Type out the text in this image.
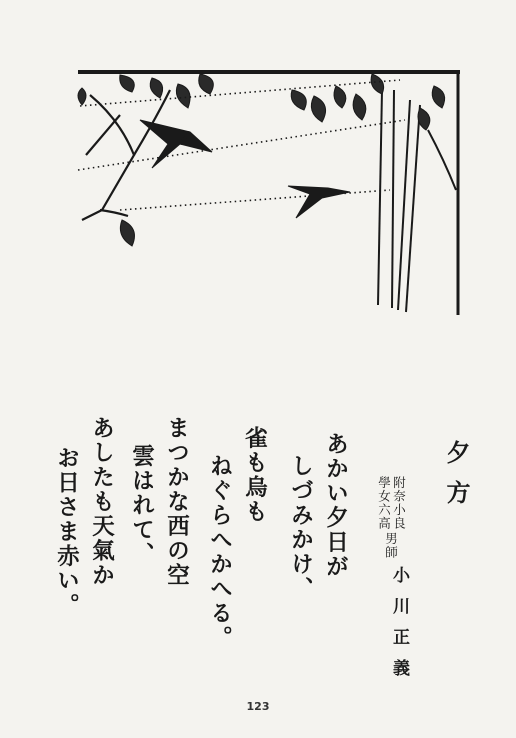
夕方
附奈小良
學女六高
男師
小川正義
あかい夕日が
しづみかけ、
雀も烏も
ねぐらへかへる。
まつかな西の空
雲はれて、
あしたも天氣か
お日さま赤い。
123
